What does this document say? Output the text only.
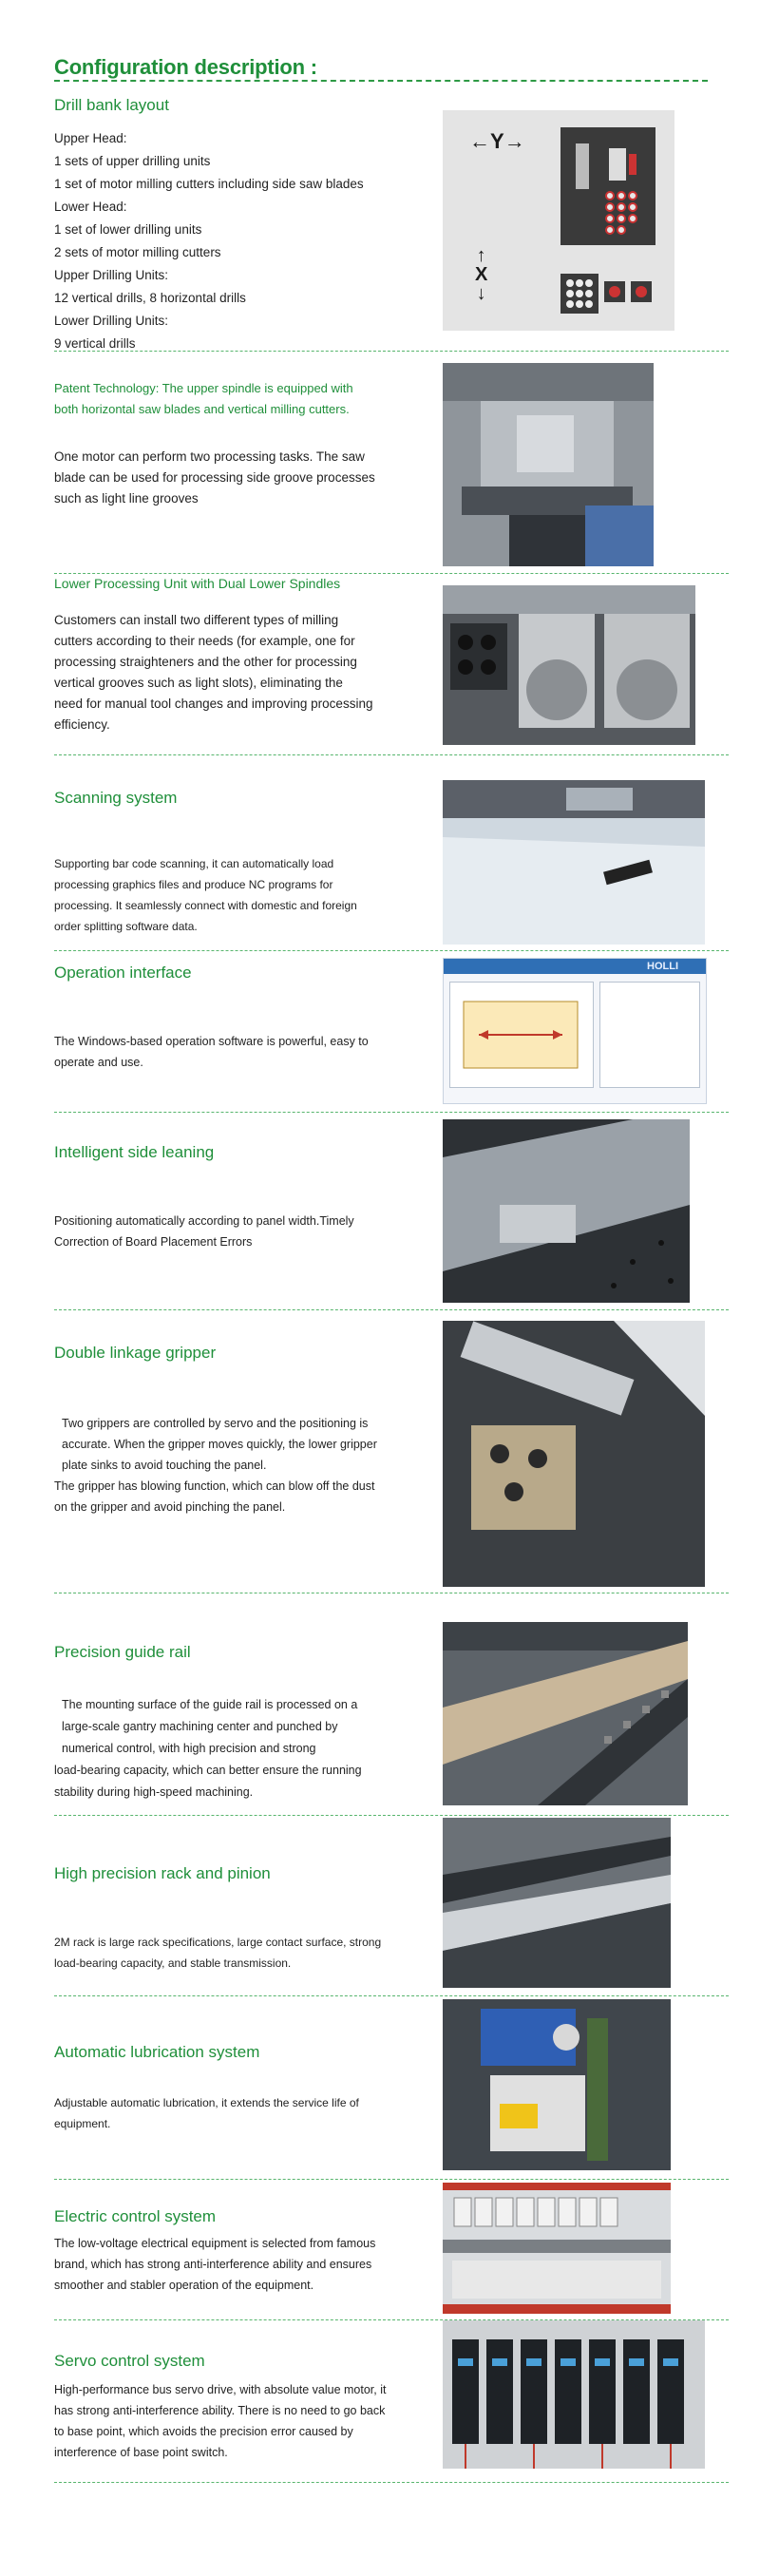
Configuration description :
Drill bank layout
Upper Head:
1 sets of upper drilling units
1 set of motor milling cutters including side saw blades
Lower Head:
1 set of lower drilling units
2 sets of motor milling cutters
Upper Drilling Units:
12 vertical drills, 8 horizontal drills
Lower Drilling Units:
9 vertical drills
←Y→
↑
X
↓
Patent Technology: The upper spindle is equipped with
both horizontal saw blades and vertical milling cutters.
One motor can perform two processing tasks. The saw
blade can be used for processing side groove processes
such as light line grooves
Lower Processing Unit with Dual Lower Spindles
Customers can install two different types of milling
cutters according to their needs (for example, one for
processing straighteners and the other for processing
vertical grooves such as light slots), eliminating the
need for manual tool changes and improving processing
efficiency.
Scanning system
Supporting bar code scanning, it can automatically load
processing graphics files and produce NC programs for
processing. It seamlessly connect with domestic and foreign
order splitting software data.
Operation interface
The Windows-based operation software is powerful, easy to
operate and use.
HOLLI
Intelligent side leaning
Positioning automatically according to panel width.Timely
Correction of Board Placement Errors
Double linkage gripper
Two grippers are controlled by servo and the positioning is
accurate. When the gripper moves quickly, the lower gripper
plate sinks to avoid touching the panel.
The gripper has blowing function, which can blow off the dust
on the gripper and avoid pinching the panel.
Precision guide rail
The mounting surface of the guide rail is processed on a
large-scale gantry machining center and punched by
numerical control, with high precision and strong
load-bearing capacity, which can better ensure the running
stability during high-speed machining.
High precision rack and pinion
2M rack is large rack specifications, large contact surface, strong
load-bearing capacity, and stable transmission.
Automatic lubrication system
Adjustable automatic lubrication, it extends the service life of
equipment.
Electric control system
The low-voltage electrical equipment is selected from famous
brand, which has strong anti-interference ability and ensures
smoother and stabler operation of the equipment.
Servo control system
High-performance bus servo drive, with absolute value motor, it
has strong anti-interference ability. There is no need to go back
to base point, which avoids the precision error caused by
interference of base point switch.
